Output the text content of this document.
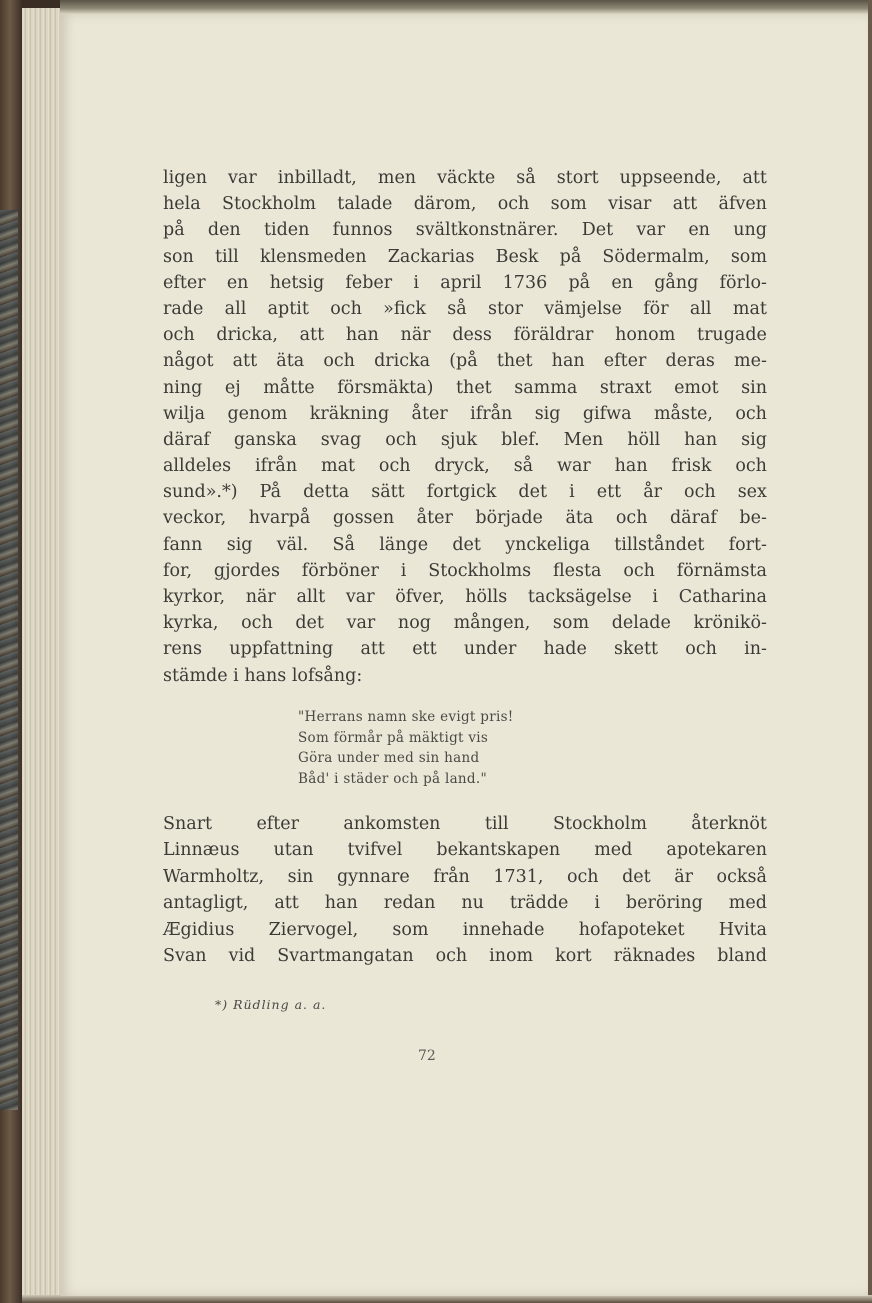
ligen var inbilladt, men väckte så stort uppseende, att
hela Stockholm talade därom, och som visar att äfven
på den tiden funnos svältkonstnärer. Det var en ung
son till klensmeden Zackarias Besk på Södermalm, som
efter en hetsig feber i april 1736 på en gång förlo-
rade all aptit och »fick så stor vämjelse för all mat
och dricka, att han när dess föräldrar honom trugade
något att äta och dricka (på thet han efter deras me-
ning ej måtte försmäkta) thet samma straxt emot sin
wilja genom kräkning åter ifrån sig gifwa måste, och
däraf ganska svag och sjuk blef. Men höll han sig
alldeles ifrån mat och dryck, så war han frisk och
sund».*) På detta sätt fortgick det i ett år och sex
veckor, hvarpå gossen åter började äta och däraf be-
fann sig väl. Så länge det ynckeliga tillståndet fort-
for, gjordes förböner i Stockholms flesta och förnämsta
kyrkor, när allt var öfver, hölls tacksägelse i Catharina
kyrka, och det var nog mången, som delade krönikö-
rens uppfattning att ett under hade skett och in-
stämde i hans lofsång:
"Herrans namn ske evigt pris!
Som förmår på mäktigt vis
Göra under med sin hand
Båd' i städer och på land."
Snart	efter	ankomsten	till	Stockholm	återknöt
Linnæus utan tvifvel bekantskapen med apotekaren
Warmholtz, sin gynnare från 1731, och det är också
antagligt, att han redan nu trädde i beröring med
Ægidius Ziervogel, som innehade hofapoteket Hvita
Svan vid Svartmangatan och inom kort räknades bland
*) Rüdling a. a.
72
